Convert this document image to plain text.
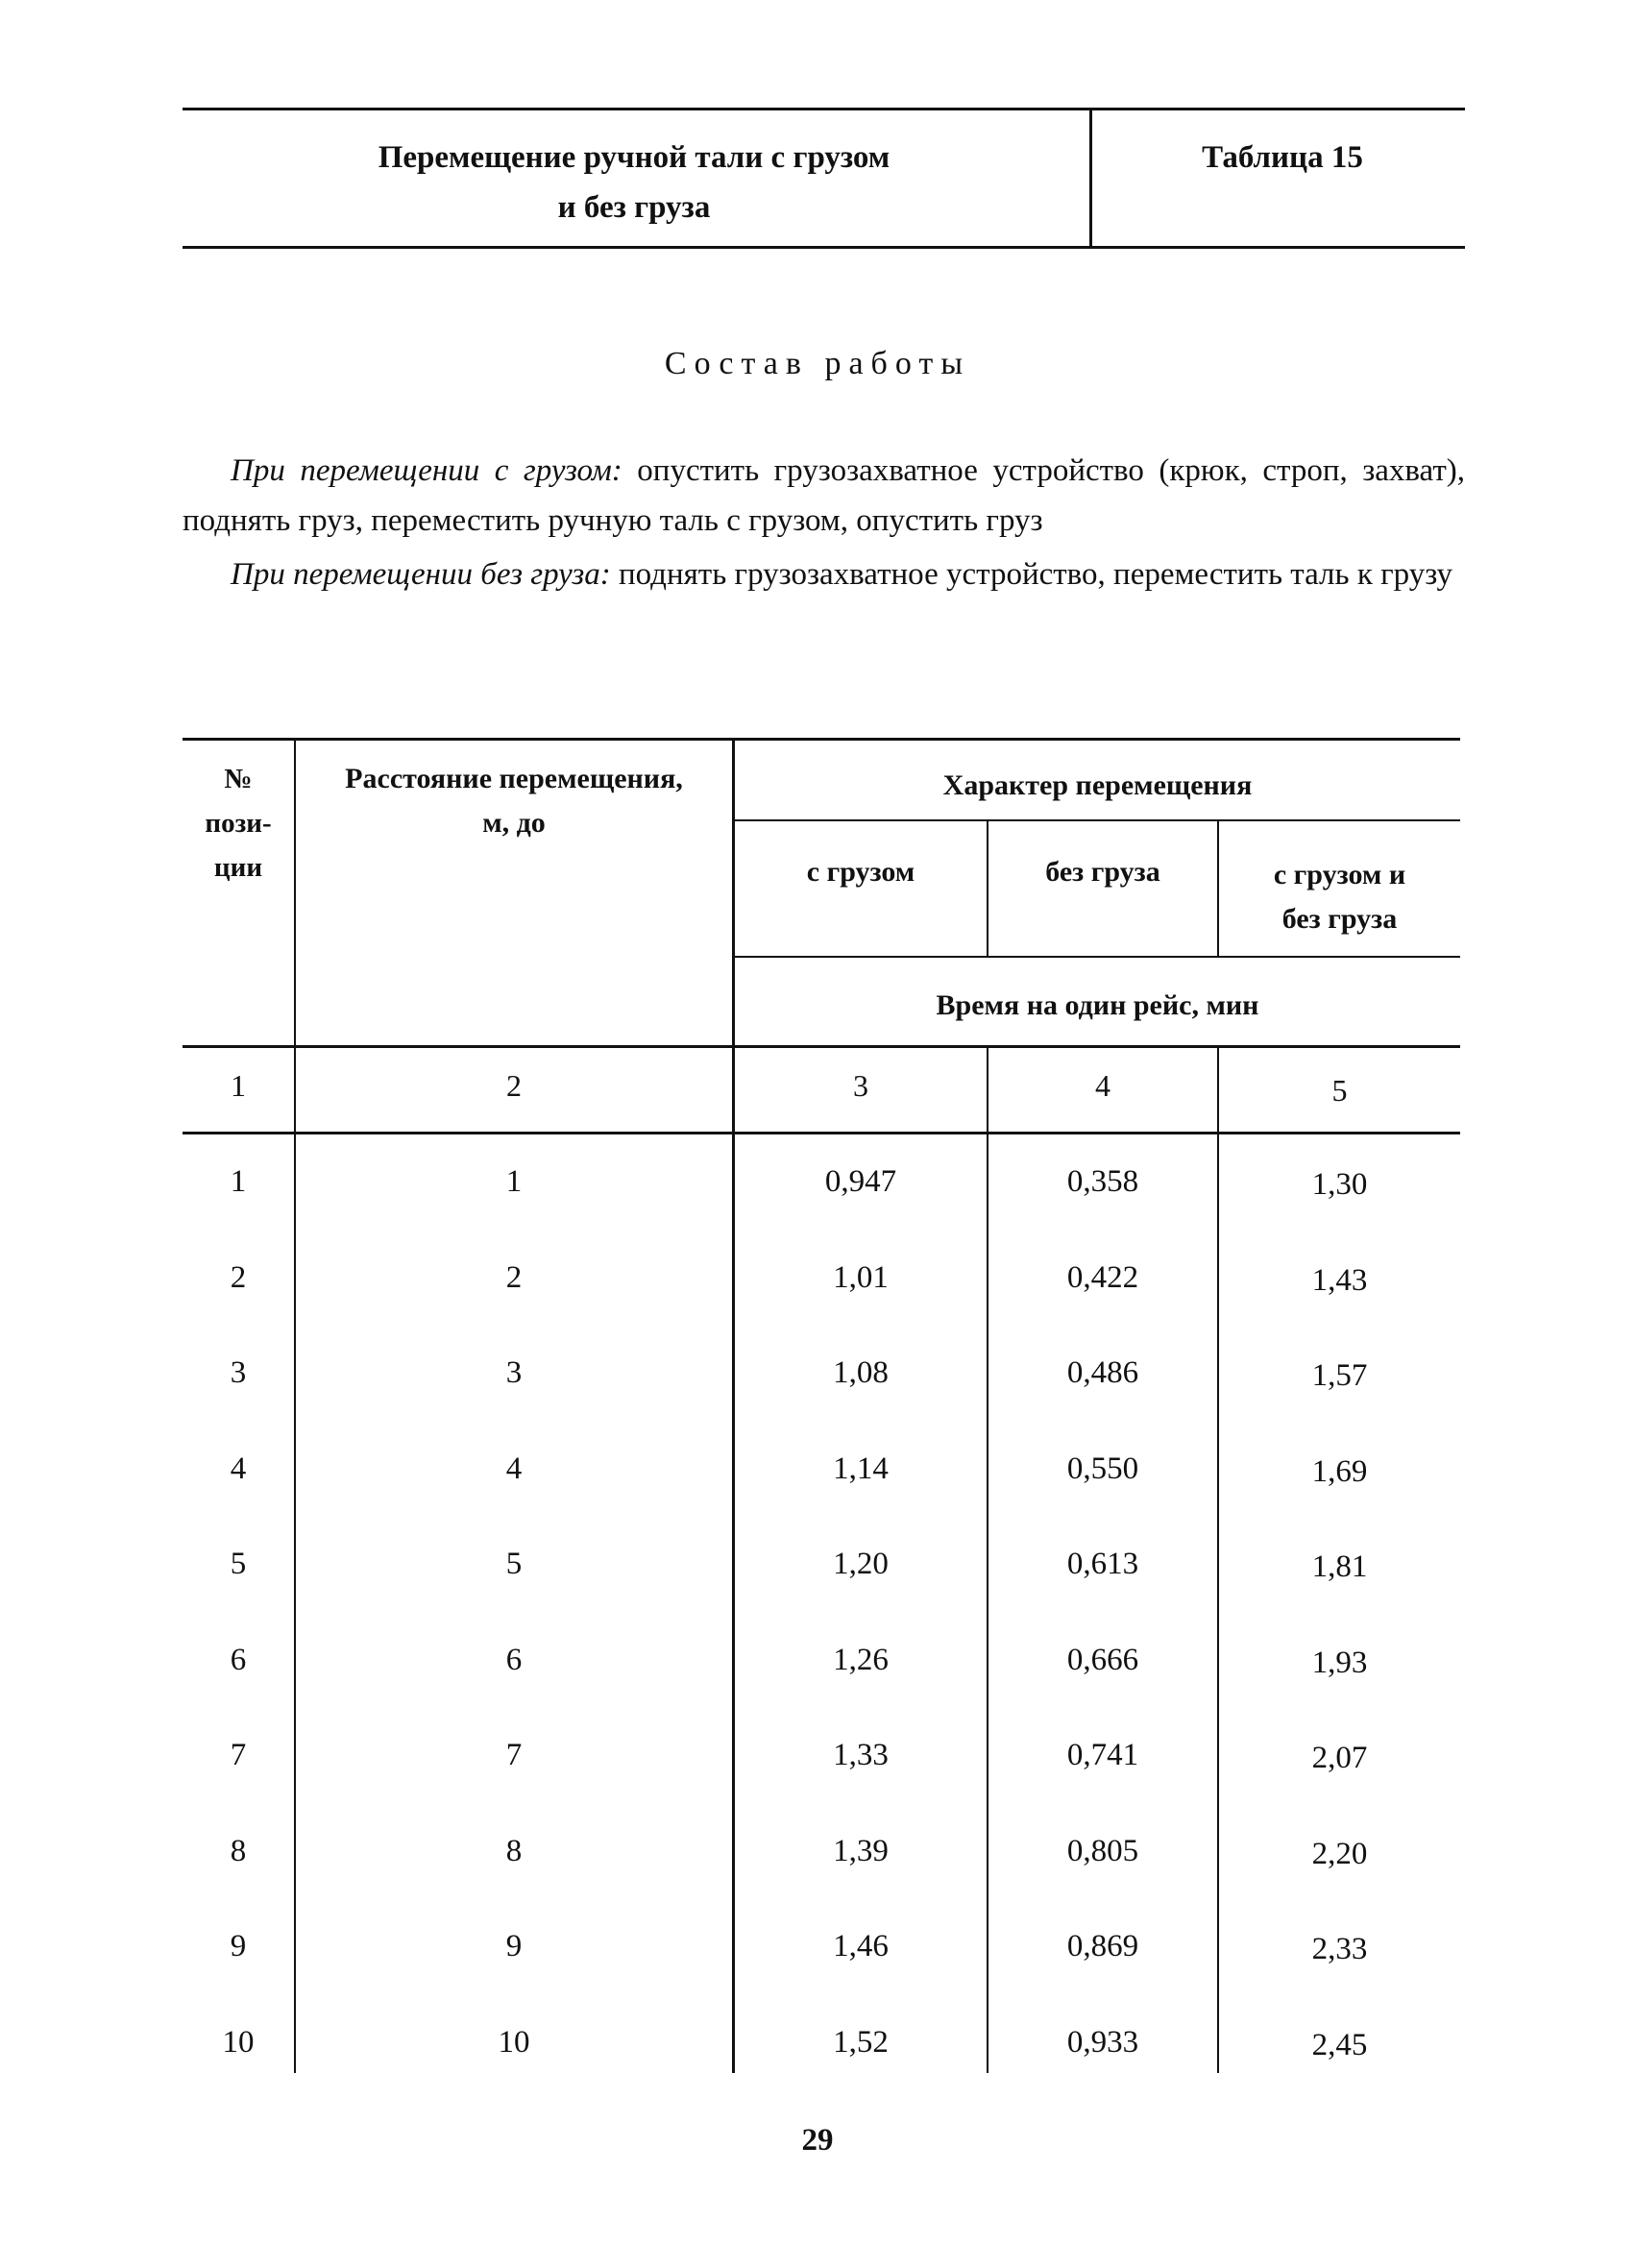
Перемещение ручной тали с грузом
и без груза
Таблица 15
Состав работы
При перемещении с грузом: опустить грузозахватное устройство (крюк, строп, захват), поднять груз, переместить ручную таль с грузом, опустить груз
При перемещении без груза: поднять грузозахватное устройство, переместить таль к грузу
№
пози-
ции
Расстояние перемещения,
м, до
Характер перемещения
с грузом	без груза	с грузом и
без груза
Время на один рейс, мин
1	2	3	4	5
1	1	0,947	0,358	1,30
2	2	1,01	0,422	1,43
3	3	1,08	0,486	1,57
4	4	1,14	0,550	1,69
5	5	1,20	0,613	1,81
6	6	1,26	0,666	1,93
7	7	1,33	0,741	2,07
8	8	1,39	0,805	2,20
9	9	1,46	0,869	2,33
10	10	1,52	0,933	2,45
29
